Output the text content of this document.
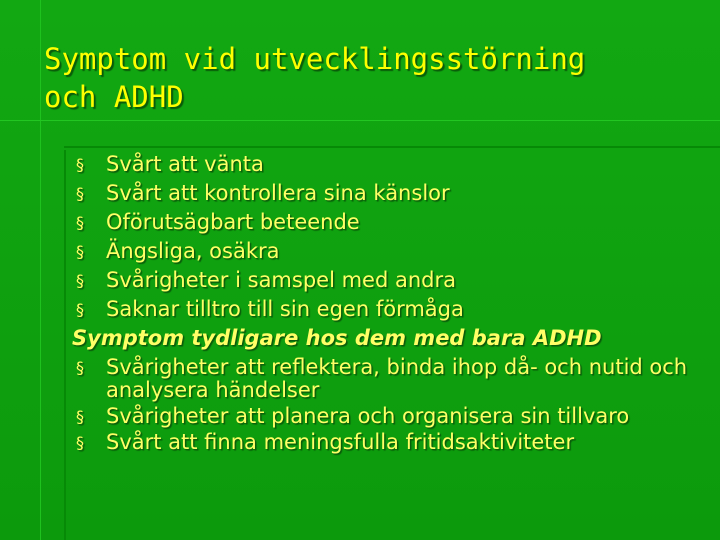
Symptom vid utvecklingsstörning
och ADHD
§	Svårt att vänta
§	Svårt att kontrollera sina känslor
§	Oförutsägbart beteende
§	Ängsliga, osäkra
§	Svårigheter i samspel med andra
§	Saknar tilltro till sin egen förmåga
Symptom tydligare hos dem med bara ADHD
§	Svårigheter att reflektera, binda ihop då- och nutid och analysera händelser
§	Svårigheter att planera och organisera sin tillvaro
§	Svårt att finna meningsfulla fritidsaktiviteter
